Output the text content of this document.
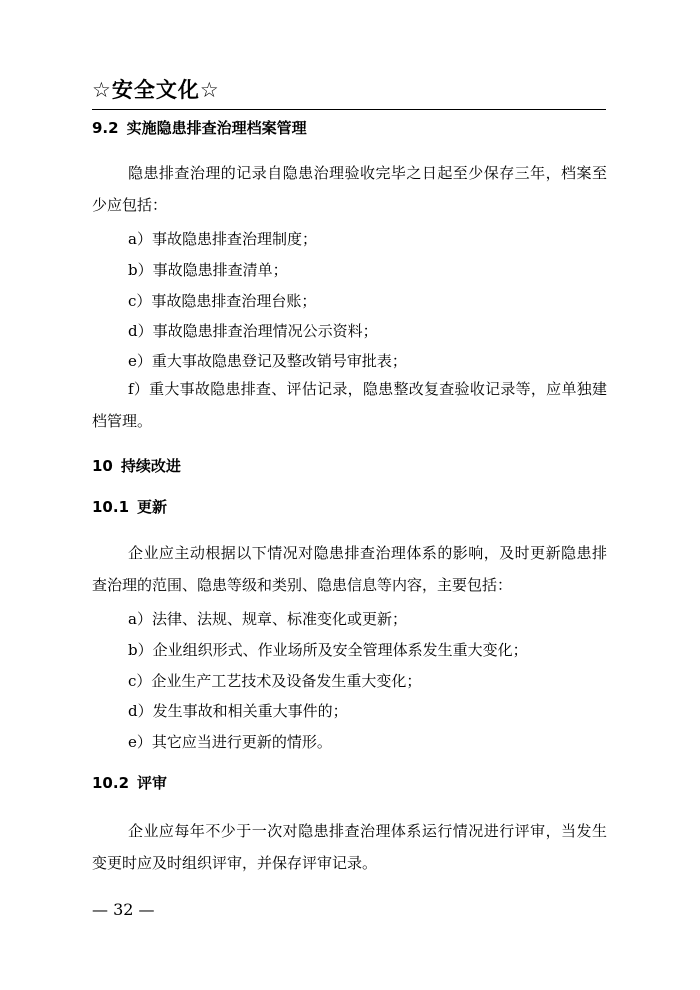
☆安全文化☆
9.2 实施隐患排查治理档案管理

隐患排查治理的记录自隐患治理验收完毕之日起至少保存三年，档案至少应包括：

a）事故隐患排查治理制度；

b）事故隐患排查清单；

c）事故隐患排查治理台账；

d）事故隐患排查治理情况公示资料；

e）重大事故隐患登记及整改销号审批表；

f）重大事故隐患排查、评估记录，隐患整改复查验收记录等，应单独建档管理。

10 持续改进
10.1 更新

企业应主动根据以下情况对隐患排查治理体系的影响，及时更新隐患排查治理的范围、隐患等级和类别、隐患信息等内容，主要包括：

a）法律、法规、规章、标准变化或更新；

b）企业组织形式、作业场所及安全管理体系发生重大变化；

c）企业生产工艺技术及设备发生重大变化；

d）发生事故和相关重大事件的；

e）其它应当进行更新的情形。

10.2 评审

企业应每年不少于一次对隐患排查治理体系运行情况进行评审，当发生变更时应及时组织评审，并保存评审记录。

— 32 —
